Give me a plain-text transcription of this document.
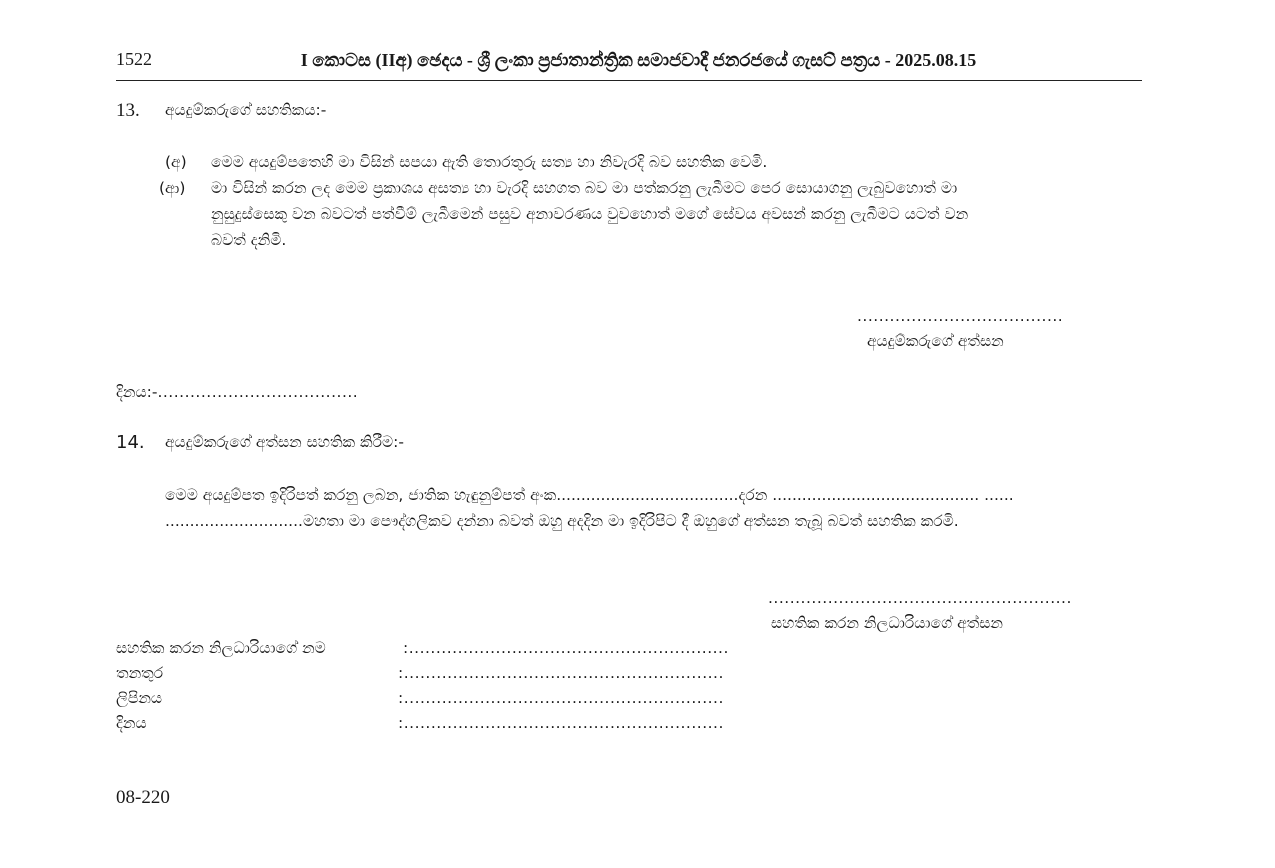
1522	I කොටස (IIඅ) ඡෙදය - ශ්‍රී ලංකා ප්‍රජාතාන්ත්‍රික සමාජවාදී ජනරජයේ ගැසට් පත්‍රය - 2025.08.15
13. අයදුම්කරුගේ සහතිකය:-
(අ) මෙම අයදුම්පතෙහි මා විසින් සපයා ඇති තොරතුරු සත්‍ය හා නිවැරදි බව සහතික වෙමි.
(ආ) මා විසින් කරන ලද මෙම ප්‍රකාශය අසත්‍ය හා වැරදි සහගත බව මා පත්කරනු ලැබීමට පෙර සොයාගනු ලැබුවහොත් මා
නුසුදුස්සෙකු වන බවටත් පත්වීම් ලැබීමෙන් පසුව අනාවරණය වුවහොත් මගේ සේවය අවසන් කරනු ලැබීමට යටත් වන
බවත් දනිමි.
......................................
අයදුම්කරුගේ අත්සන
දිනය:-.....................................
14. අයදුම්කරුගේ අත්සන සහතික කිරීම:-
මෙම අයදුම්පත ඉදිරිපත් කරනු ලබන, ජාතික හැඳුනුම්පත් අංක.....................................දරන .......................................... ......
............................මහතා මා පෞද්ගලිකව දන්නා බවත් ඔහු අද‌දින මා ඉදිරිපිට දී ඔහුගේ අත්සන තැබූ බවත් සහතික කරමි.
........................................................
සහතික කරන නිලධාරියාගේ අත්සන
සහතික කරන නිලධාරියාගේ නම	:...........................................................
තනතුර	:...........................................................
ලිපිනය	:...........................................................
දිනය	:...........................................................
08-220
